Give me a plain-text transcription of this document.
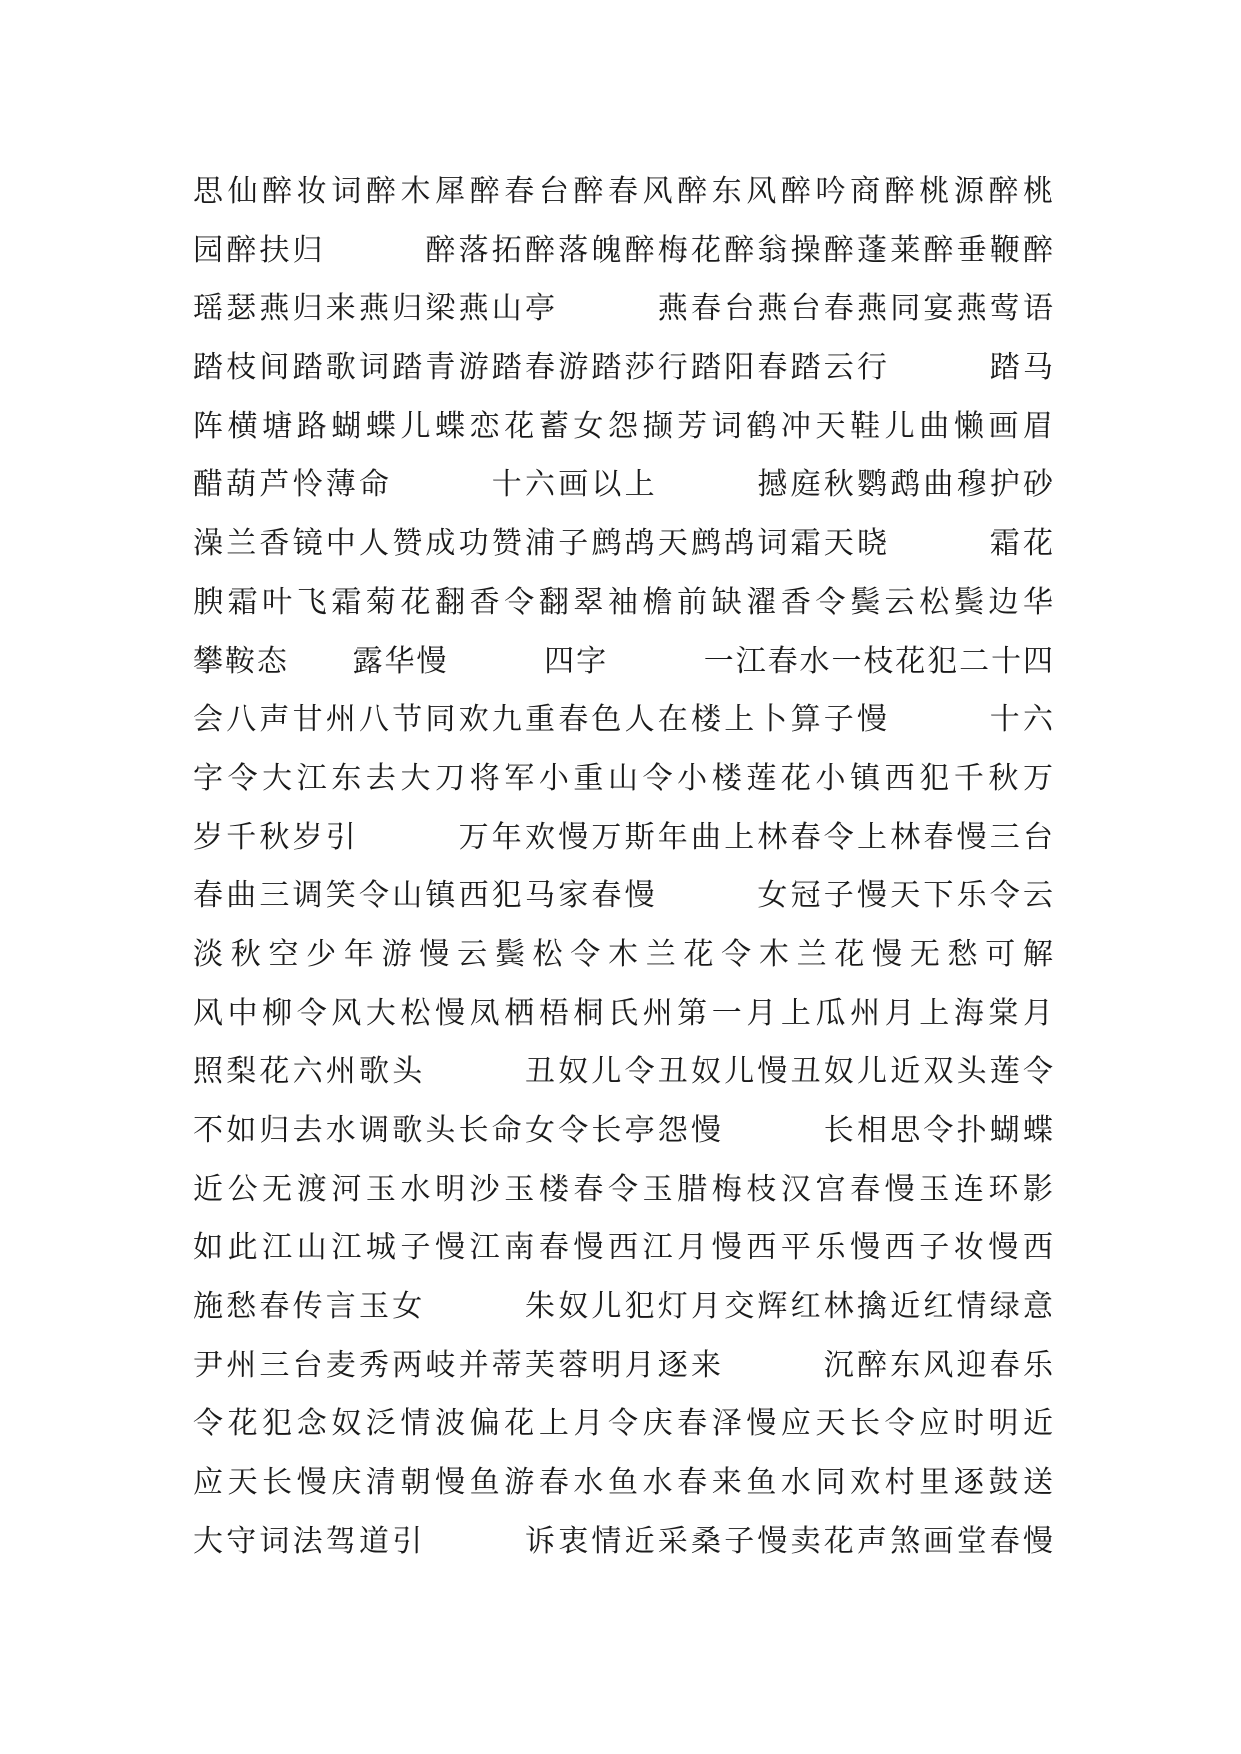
思仙醉妆词醉木犀醉春台醉春风醉东风醉吟商醉桃源醉桃
园醉扶归　　　醉落拓醉落魄醉梅花醉翁操醉蓬莱醉垂鞭醉
瑶瑟燕归来燕归梁燕山亭　　　燕春台燕台春燕同宴燕莺语
踏枝间踏歌词踏青游踏春游踏莎行踏阳春踏云行　　　踏马
阵横塘路蝴蝶儿蝶恋花蓄女怨撷芳词鹤冲天鞋儿曲懒画眉
醋葫芦怜薄命　　　十六画以上　　　撼庭秋鹦鹉曲穆护砂
澡兰香镜中人赞成功赞浦子鹧鸪天鹧鸪词霜天晓　　　霜花
腴霜叶飞霜菊花翻香令翻翠袖檐前缺濯香令鬓云松鬓边华
攀鞍态　　露华慢　　　四字　　　一江春水一枝花犯二十四
会八声甘州八节同欢九重春色人在楼上卜算子慢　　　十六
字令大江东去大刀将军小重山令小楼莲花小镇西犯千秋万
岁千秋岁引　　　万年欢慢万斯年曲上林春令上林春慢三台
春曲三调笑令山镇西犯马家春慢　　　女冠子慢天下乐令云
淡秋空少年游慢云鬓松令木兰花令木兰花慢无愁可解
风中柳令风大松慢凤栖梧桐氏州第一月上瓜州月上海棠月
照梨花六州歌头　　　丑奴儿令丑奴儿慢丑奴儿近双头莲令
不如归去水调歌头长命女令长亭怨慢　　　长相思令扑蝴蝶
近公无渡河玉水明沙玉楼春令玉腊梅枝汉宫春慢玉连环影
如此江山江城子慢江南春慢西江月慢西平乐慢西子妆慢西
施愁春传言玉女　　　朱奴儿犯灯月交辉红林擒近红情绿意
尹州三台麦秀两岐并蒂芙蓉明月逐来　　　沉醉东风迎春乐
令花犯念奴泛情波偏花上月令庆春泽慢应天长令应时明近
应天长慢庆清朝慢鱼游春水鱼水春来鱼水同欢村里逐鼓送
大守词法驾道引　　　诉衷情近采桑子慢卖花声煞画堂春慢
